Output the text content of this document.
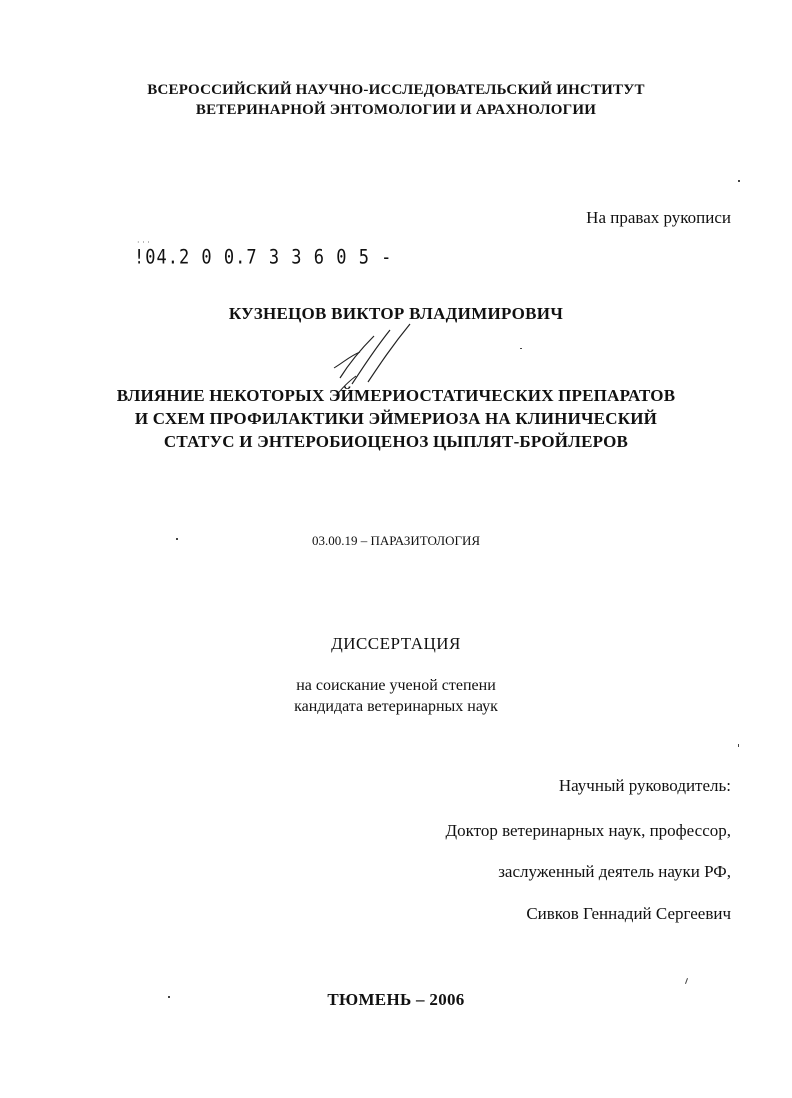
ВСЕРОССИЙСКИЙ НАУЧНО-ИССЛЕДОВАТЕЛЬСКИЙ ИНСТИТУТ
ВЕТЕРИНАРНОЙ ЭНТОМОЛОГИИ И АРАХНОЛОГИИ
На правах рукописи
· · ·
!04.2 0 0.7 3 3 6 0 5 -
КУЗНЕЦОВ ВИКТОР ВЛАДИМИРОВИЧ
ВЛИЯНИЕ НЕКОТОРЫХ ЭЙМЕРИОСТАТИЧЕСКИХ ПРЕПАРАТОВ
И СХЕМ ПРОФИЛАКТИКИ ЭЙМЕРИОЗА НА КЛИНИЧЕСКИЙ
СТАТУС И ЭНТЕРОБИОЦЕНОЗ ЦЫПЛЯТ-БРОЙЛЕРОВ
03.00.19 – ПАРАЗИТОЛОГИЯ
ДИССЕРТАЦИЯ
на соискание ученой степени
кандидата ветеринарных наук
Научный руководитель:
Доктор ветеринарных наук, профессор,
заслуженный деятель науки РФ,
Сивков Геннадий Сергеевич
ТЮМЕНЬ – 2006
